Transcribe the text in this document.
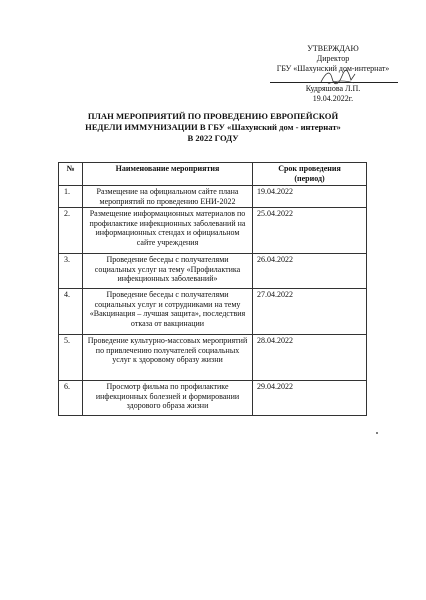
УТВЕРЖДАЮ
Директор
ГБУ «Шахунский дом-интернат»
Кудряшова Л.П.
19.04.2022г.
ПЛАН МЕРОПРИЯТИЙ ПО ПРОВЕДЕНИЮ ЕВРОПЕЙСКОЙ
НЕДЕЛИ ИММУНИЗАЦИИ В ГБУ «Шахунский дом - интернат»
В 2022 ГОДУ
№	Наименование мероприятия	Срок проведения
(период)
1.	Размещение на официальном сайте плана мероприятий по проведению ЕНИ-2022	19.04.2022
2.	Размещение информационных материалов по профилактике инфекционных заболеваний на информационных стендах и официальном сайте учреждения	25.04.2022
3.	Проведение беседы с получателями социальных услуг на тему «Профилактика инфекционных заболеваний»	26.04.2022
4.	Проведение беседы с получателями социальных услуг и сотрудниками на тему «Вакцинация – лучшая защита», последствия отказа от вакцинации	27.04.2022
5.	Проведение культурно-массовых мероприятий по привлечению получателей социальных услуг к здоровому образу жизни	28.04.2022
6.	Просмотр фильма по профилактике инфекционных болезней и формировании здорового образа жизни	29.04.2022
